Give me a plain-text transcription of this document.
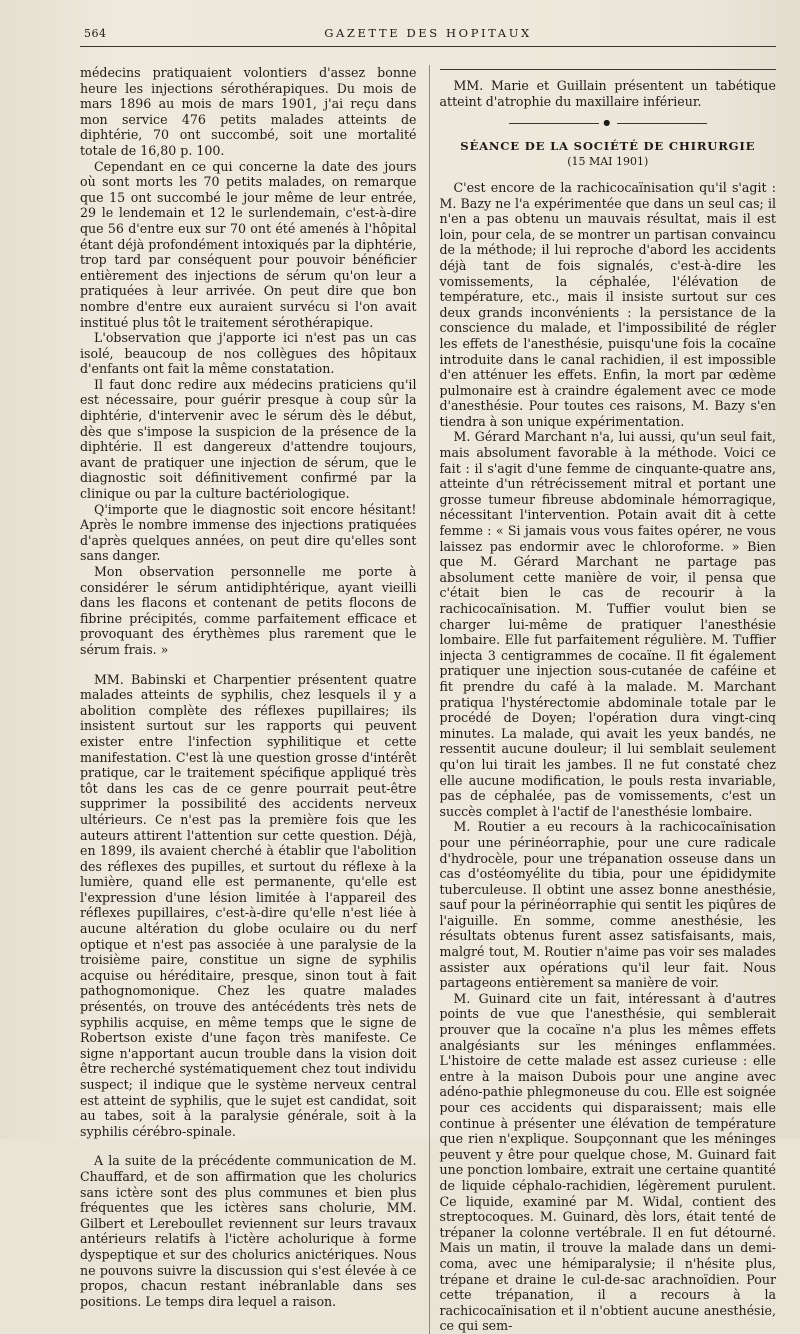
564	GAZETTE DES HOPITAUX

médecins pratiquaient volontiers d'assez bonne heure les injections sérothérapiques. Du mois de mars 1896 au mois de mars 1901, j'ai reçu dans mon service 476 petits malades atteints de diphtérie, 70 ont succombé, soit une mortalité totale de 16,80 p. 100.

Cependant en ce qui concerne la date des jours où sont morts les 70 petits malades, on remarque que 15 ont succombé le jour même de leur entrée, 29 le lendemain et 12 le surlendemain, c'est-à-dire que 56 d'entre eux sur 70 ont été amenés à l'hôpital étant déjà profondément intoxiqués par la diphtérie, trop tard par conséquent pour pouvoir bénéficier entièrement des injections de sérum qu'on leur a pratiquées à leur arrivée. On peut dire que bon nombre d'entre eux auraient survécu si l'on avait institué plus tôt le traitement sérothérapique.

L'observation que j'apporte ici n'est pas un cas isolé, beaucoup de nos collègues des hôpitaux d'enfants ont fait la même constatation.

Il faut donc redire aux médecins praticiens qu'il est nécessaire, pour guérir presque à coup sûr la diphtérie, d'intervenir avec le sérum dès le début, dès que s'impose la suspicion de la présence de la diphtérie. Il est dangereux d'attendre toujours, avant de pratiquer une injection de sérum, que le diagnostic soit définitivement confirmé par la clinique ou par la culture bactériologique.

Q'importe que le diagnostic soit encore hésitant! Après le nombre immense des injections pratiquées d'après quelques années, on peut dire qu'elles sont sans danger.

Mon observation personnelle me porte à considérer le sérum antidiphtérique, ayant vieilli dans les flacons et contenant de petits flocons de fibrine précipités, comme parfaitement efficace et provoquant des érythèmes plus rarement que le sérum frais. »

MM. Babinski et Charpentier présentent quatre malades atteints de syphilis, chez lesquels il y a abolition complète des réflexes pupillaires; ils insistent surtout sur les rapports qui peuvent exister entre l'infection syphilitique et cette manifestation. C'est là une question grosse d'intérêt pratique, car le traitement spécifique appliqué très tôt dans les cas de ce genre pourrait peut-être supprimer la possibilité des accidents nerveux ultérieurs. Ce n'est pas la première fois que les auteurs attirent l'attention sur cette question. Déjà, en 1899, ils avaient cherché à établir que l'abolition des réflexes des pupilles, et surtout du réflexe à la lumière, quand elle est permanente, qu'elle est l'expression d'une lésion limitée à l'appareil des réflexes pupillaires, c'est-à-dire qu'elle n'est liée à aucune altération du globe oculaire ou du nerf optique et n'est pas associée à une paralysie de la troisième paire, constitue un signe de syphilis acquise ou héréditaire, presque, sinon tout à fait pathognomonique. Chez les quatre malades présentés, on trouve des antécédents très nets de syphilis acquise, en même temps que le signe de Robertson existe d'une façon très manifeste. Ce signe n'apportant aucun trouble dans la vision doit être recherché systématiquement chez tout individu suspect; il indique que le système nerveux central est atteint de syphilis, que le sujet est candidat, soit au tabes, soit à la paralysie générale, soit à la syphilis cérébro-spinale.

A la suite de la précédente communication de M. Chauffard, et de son affirmation que les cholurics sans ictère sont des plus communes et bien plus fréquentes que les ictères sans cholurie, MM. Gilbert et Lereboullet reviennent sur leurs travaux antérieurs relatifs à l'ictère acholurique à forme dyspeptique et sur des cholurics anictériques. Nous ne pouvons suivre la discussion qui s'est élevée à ce propos, chacun restant inébranlable dans ses positions. Le temps dira lequel a raison.

MM. Marie et Guillain présentent un tabétique atteint d'atrophie du maxillaire inférieur.

●
SÉANCE DE LA SOCIÉTÉ DE CHIRURGIE
(15 MAI 1901)

C'est encore de la rachicocaïnisation qu'il s'agit : M. Bazy ne l'a expérimentée que dans un seul cas; il n'en a pas obtenu un mauvais résultat, mais il est loin, pour cela, de se montrer un partisan convaincu de la méthode; il lui reproche d'abord les accidents déjà tant de fois signalés, c'est-à-dire les vomissements, la céphalée, l'élévation de température, etc., mais il insiste surtout sur ces deux grands inconvénients : la persistance de la conscience du malade, et l'impossibilité de régler les effets de l'anesthésie, puisqu'une fois la cocaïne introduite dans le canal rachidien, il est impossible d'en atténuer les effets. Enfin, la mort par œdème pulmonaire est à craindre également avec ce mode d'anesthésie. Pour toutes ces raisons, M. Bazy s'en tiendra à son unique expérimentation.

M. Gérard Marchant n'a, lui aussi, qu'un seul fait, mais absolument favorable à la méthode. Voici ce fait : il s'agit d'une femme de cinquante-quatre ans, atteinte d'un rétrécissement mitral et portant une grosse tumeur fibreuse abdominale hémorragique, nécessitant l'intervention. Potain avait dit à cette femme : « Si jamais vous vous faites opérer, ne vous laissez pas endormir avec le chloroforme. » Bien que M. Gérard Marchant ne partage pas absolument cette manière de voir, il pensa que c'était bien le cas de recourir à la rachicocaïnisation. M. Tuffier voulut bien se charger lui-même de pratiquer l'anesthésie lombaire. Elle fut parfaitement régulière. M. Tuffier injecta 3 centigrammes de cocaïne. Il fit également pratiquer une injection sous-cutanée de caféine et fit prendre du café à la malade. M. Marchant pratiqua l'hystérectomie abdominale totale par le procédé de Doyen; l'opération dura vingt-cinq minutes. La malade, qui avait les yeux bandés, ne ressentit aucune douleur; il lui semblait seulement qu'on lui tirait les jambes. Il ne fut constaté chez elle aucune modification, le pouls resta invariable, pas de céphalée, pas de vomissements, c'est un succès complet à l'actif de l'anesthésie lombaire.

M. Routier a eu recours à la rachicocaïnisation pour une périnéorraphie, pour une cure radicale d'hydrocèle, pour une trépanation osseuse dans un cas d'ostéomyélite du tibia, pour une épididymite tuberculeuse. Il obtint une assez bonne anesthésie, sauf pour la périnéorraphie qui sentit les piqûres de l'aiguille. En somme, comme anesthésie, les résultats obtenus furent assez satisfaisants, mais, malgré tout, M. Routier n'aime pas voir ses malades assister aux opérations qu'il leur fait. Nous partageons entièrement sa manière de voir.

M. Guinard cite un fait, intéressant à d'autres points de vue que l'anesthésie, qui semblerait prouver que la cocaïne n'a plus les mêmes effets analgésiants sur les méninges enflammées. L'histoire de cette malade est assez curieuse : elle entre à la maison Dubois pour une angine avec adéno-pathie phlegmoneuse du cou. Elle est soignée pour ces accidents qui disparaissent; mais elle continue à présenter une élévation de température que rien n'explique. Soupçonnant que les méninges peuvent y être pour quelque chose, M. Guinard fait une ponction lombaire, extrait une certaine quantité de liquide céphalo-rachidien, légèrement purulent. Ce liquide, examiné par M. Widal, contient des streptocoques. M. Guinard, dès lors, était tenté de trépaner la colonne vertébrale. Il en fut détourné. Mais un matin, il trouve la malade dans un demi-coma, avec une hémiparalysie; il n'hésite plus, trépane et draine le cul-de-sac arachnoïdien. Pour cette trépanation, il a recours à la rachicocaïnisation et il n'obtient aucune anesthésie, ce qui sem-
